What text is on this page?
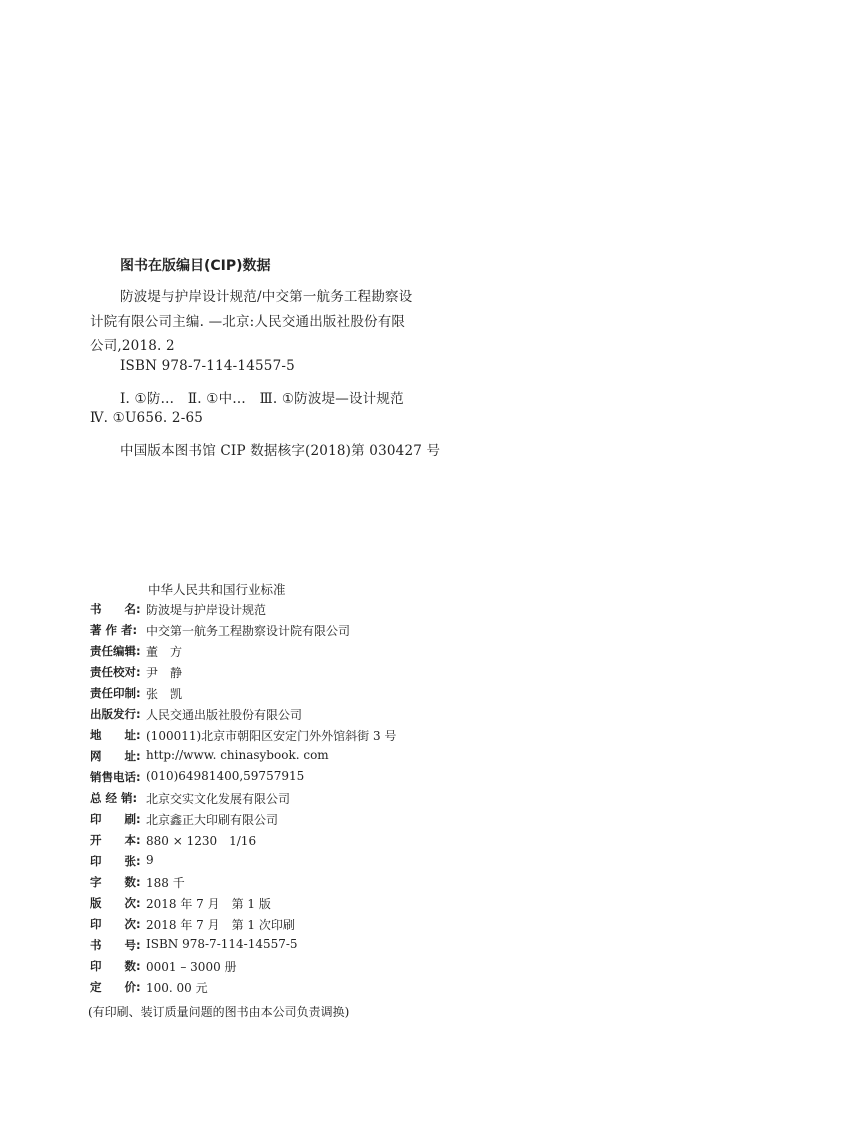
图书在版编目(CIP)数据
防波堤与护岸设计规范/中交第一航务工程勘察设
计院有限公司主编. —北京:人民交通出版社股份有限
公司,2018. 2
ISBN 978-7-114-14557-5
Ⅰ. ①防…　Ⅱ. ①中…　Ⅲ. ①防波堤—设计规范
Ⅳ. ①U656. 2-65
中国版本图书馆 CIP 数据核字(2018)第 030427 号
中华人民共和国行业标准
书　　名: 防波堤与护岸设计规范
著 作 者: 中交第一航务工程勘察设计院有限公司
责任编辑: 董　方
责任校对: 尹　静
责任印制: 张　凯
出版发行: 人民交通出版社股份有限公司
地　　址: (100011)北京市朝阳区安定门外外馆斜街 3 号
网　　址: http://www. chinasybook. com
销售电话: (010)64981400,59757915
总 经 销: 北京交实文化发展有限公司
印　　刷: 北京鑫正大印刷有限公司
开　　本: 880 × 1230　1/16
印　　张: 9
字　　数: 188 千
版　　次: 2018 年 7 月　第 1 版
印　　次: 2018 年 7 月　第 1 次印刷
书　　号: ISBN 978-7-114-14557-5
印　　数: 0001 – 3000 册
定　　价: 100. 00 元
(有印刷、装订质量问题的图书由本公司负责调换)
